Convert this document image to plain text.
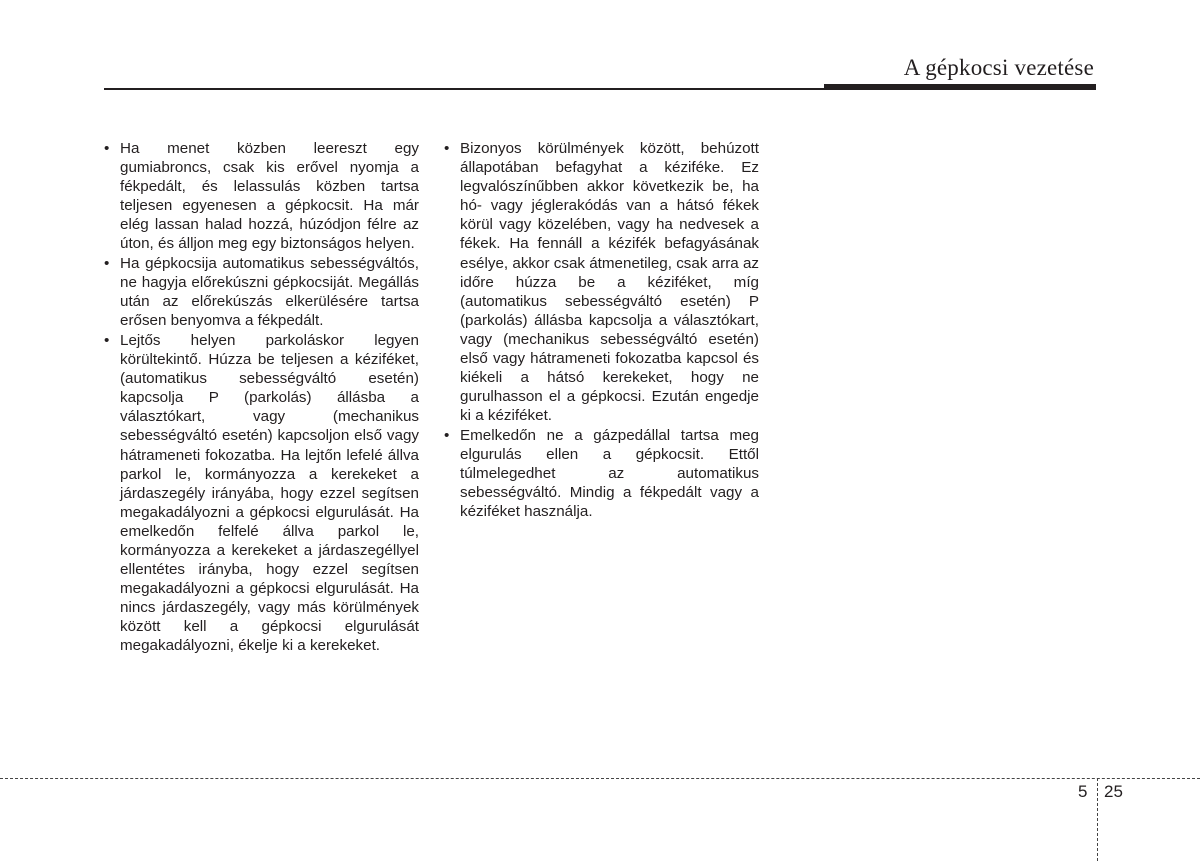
A gépkocsi vezetése
• Ha menet közben leereszt egy gumiabroncs, csak kis erővel nyomja a fékpedált, és lelassulás közben tartsa teljesen egyenesen a gépkocsit. Ha már elég lassan halad hozzá, húzódjon félre az úton, és álljon meg egy biztonságos helyen.
• Ha gépkocsija automatikus sebességváltós, ne hagyja előrekúszni gépkocsiját. Megállás után az előrekúszás elkerülésére tartsa erősen benyomva a fékpedált.
• Lejtős helyen parkoláskor legyen körültekintő. Húzza be teljesen a kéziféket, (automatikus sebességváltó esetén) kapcsolja P (parkolás) állásba a választókart, vagy (mechanikus sebességváltó esetén) kapcsoljon első vagy hátrameneti fokozatba. Ha lejtőn lefelé állva parkol le, kormányozza a kerekeket a járdaszegély irányába, hogy ezzel segítsen megakadályozni a gépkocsi elgurulását. Ha emelkedőn felfelé állva parkol le, kormányozza a kerekeket a járdaszegéllyel ellentétes irányba, hogy ezzel segítsen megakadályozni a gépkocsi elgurulását. Ha nincs járdaszegély, vagy más körülmények között kell a gépkocsi elgurulását megakadályozni, ékelje ki a kerekeket.
• Bizonyos körülmények között, behúzott állapotában befagyhat a kézifékе. Ez legvalószínűbben akkor következik be, ha hó- vagy jéglerakódás van a hátsó fékek körül vagy közelében, vagy ha nedvesek a fékek. Ha fennáll a kézifék befagyásának esélye, akkor csak átmenetileg, csak arra az időre húzza be a kéziféket, míg (automatikus sebességváltó esetén) P (parkolás) állásba kapcsolja a választókart, vagy (mechanikus sebességváltó esetén) első vagy hátrameneti fokozatba kapcsol és kiékeli a hátsó kerekeket, hogy ne gurulhasson el a gépkocsi. Ezután engedje ki a kéziféket.
• Emelkedőn ne a gázpedállal tartsa meg elgurulás ellen a gépkocsit. Ettől túlmelegedhet az automatikus sebességváltó. Mindig a fékpedált vagy a kéziféket használja.
5 25
